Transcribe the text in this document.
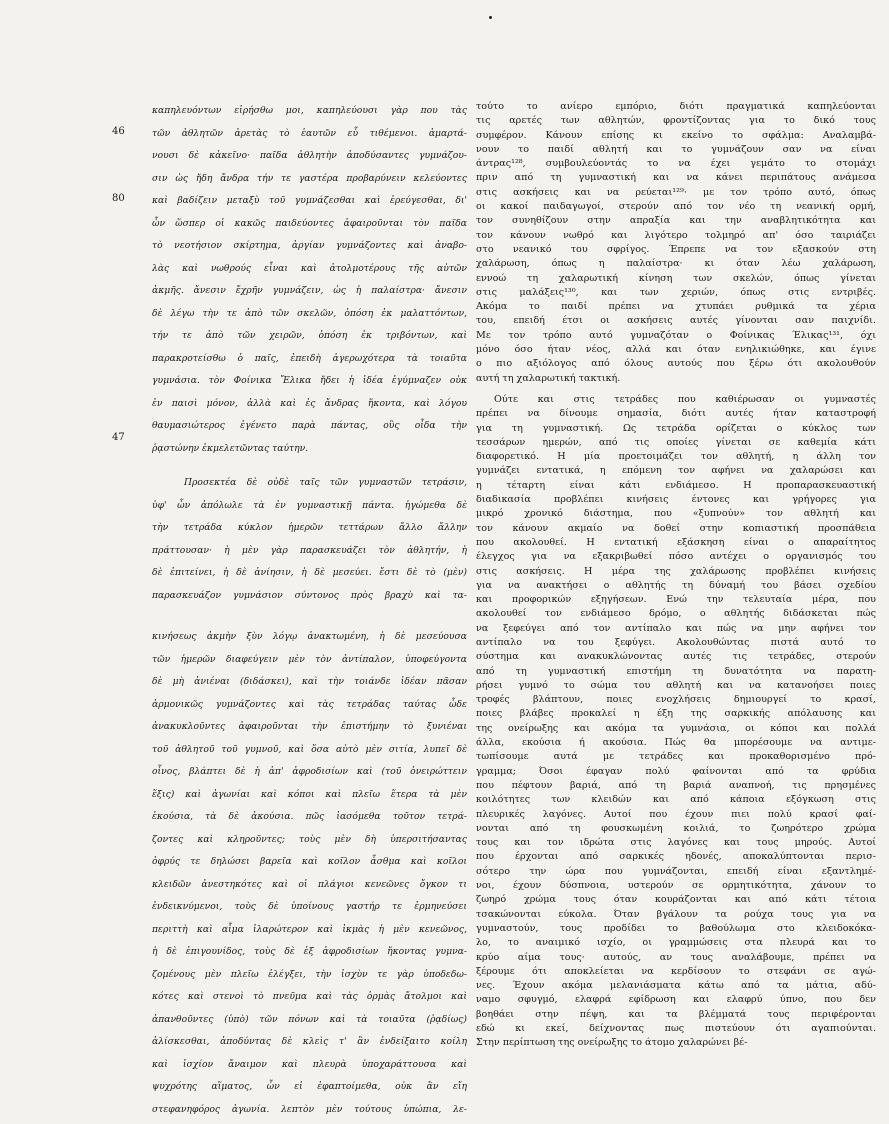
46
80
47
καπηλευόντων εἰρήσθω μοι, καπηλεύουσι γὰρ που τὰς
τῶν ἀθλητῶν ἀρετὰς τὸ ἑαυτῶν εὖ τιθέμενοι. ἁμαρτά-
νουσι δὲ κἀκεῖνο· παῖδα ἀθλητὴν ἀποδύσαντες γυμνάζου-
σιν ὡς ἤδη ἄνδρα τήν τε γαστέρα προβαρύνειν κελεύοντες
καὶ βαδίζειν μεταξὺ τοῦ γυμνάζεσθαι καὶ ἐρεύγεσθαι, δι'
ὧν ὥσπερ οἱ κακῶς παιδεύοντες ἀφαιροῦνται τὸν παῖδα
τὸ νεοτήσιον σκίρτημα, ἀργίαν γυμνάζοντες καὶ ἀναβο-
λὰς καὶ νωθρούς εἶναι καὶ ἀτολμοτέρους τῆς αὐτῶν
ἀκμῆς. ἄνεσιν ἔχρῆν γυμνάζειν, ὡς ἡ παλαίστρα· ἄνεσιν
δὲ λέγω τὴν τε ἀπὸ τῶν σκελῶν, ὁπόση ἐκ μαλαττόντων,
τήν τε ἀπὸ τῶν χειρῶν, ὁπόση ἐκ τριβόντων, καὶ
παρακροτείσθω ὁ παῖς, ἐπειδὴ ἀγερωχότερα τὰ τοιαῦτα
γυμνάσια. τὸν Φοίνικα Ἔλικα ἤδει ἡ ἰδέα ἐγύμναζεν οὐκ
ἐν παισὶ μόνον, ἀλλὰ καὶ ἐς ἄνδρας ἥκοντα, καὶ λόγου
θαυμασιώτερος ἐγένετο παρὰ πάντας, οὓς οἶδα τὴν
ῥᾳστώνην ἐκμελετῶντας ταύτην.
Προσεκτέα δὲ οὐδὲ ταῖς τῶν γυμναστῶν τετράσιν,
ὑφ' ὧν ἀπόλωλε τὰ ἐν γυμναστικῇ πάντα. ἡγώμεθα δὲ
τὴν τετράδα κύκλον ἡμερῶν τεττάρων ἄλλο ἄλλην
πράττουσαν· ἡ μὲν γὰρ παρασκευάζει τὸν ἀθλητήν, ἡ
δὲ ἐπιτείνει, ἡ δὲ ἀνίησιν, ἡ δὲ μεσεύει. ἔστι δὲ τὸ (μὲν)
παρασκευάζον γυμνάσιον σύντονος πρὸς βραχὺ καὶ τα-
κινήσεως ἀκμὴν ξὺν λόγῳ ἀνακτωμένη, ἡ δὲ μεσεύουσα
τῶν ἡμερῶν διαφεύγειν μὲν τὸν ἀντίπαλον, ὑποφεύγοντα
δὲ μὴ ἀνιέναι (διδάσκει), καὶ τὴν τοιάνδε ἰδέαν πᾶσαν
ἁρμονικῶς γυμνάζοντες καὶ τὰς τετράδας ταύτας ὧδε
ἀνακυκλοῦντες ἀφαιροῦνται τὴν ἐπιστήμην τὸ ξυνιέναι
τοῦ ἀθλητοῦ τοῦ γυμνοῦ, καὶ ὅσα αὐτὸ μὲν σιτία, λυπεῖ δὲ
οἶνος, βλάπτει δὲ ἡ ἀπ' ἀφροδισίων καὶ (τοῦ ὀνειρώττειν
ἕξις) καὶ ἀγωνίαι καὶ κόποι καὶ πλεῖω ἕτερα τὰ μὲν
ἑκούσια, τὰ δὲ ἀκούσια. πῶς ἰασόμεθα τοῦτον τετρά-
ζοντες καὶ κληροῦντες; τοὺς μὲν δὴ ὑπερσιτήσαντας
ὀφρύς τε δηλώσει βαρεῖα καὶ κοῖλον ἆσθμα καὶ κοῖλοι
κλειδῶν ἀνεστηκότες καὶ οἱ πλάγιοι κενεῶνες ὄγκον τι
ἐνδεικνύμενοι, τοὺς δὲ ὑποίνους γαστήρ τε ἐρμηνεύσει
περιττὴ καὶ αἷμα ἱλαρώτερον καὶ ἰκμὰς ἡ μὲν κενεῶνος,
ἡ δὲ ἐπιγουνίδος, τοὺς δὲ ἐξ ἀφροδισίων ἥκοντας γυμνα-
ζομένους μὲν πλεῖω ἐλέγξει, τὴν ἰσχὺν τε γὰρ ὑποδεδω-
κότες καὶ στενοὶ τὸ πνεῦμα καὶ τὰς ὁρμὰς ἄτολμοι καὶ
ἀπανθοῦντες (ὑπὸ) τῶν πόνων καὶ τὰ τοιαῦτα (ῥᾳδίως)
ἁλίσκεσθαι, ἀποδύντας δὲ κλεὶς τ' ἂν ἐνδείξαιτο κοίλη
καὶ ἰσχίον ἄναιμον καὶ πλευρὰ ὑποχαράττουσα καὶ
ψυχρότης αἵματος, ὧν εἰ ἐφαπτοίμεθα, οὐκ ἂν εἴη
στεφανηφόρος ἀγωνία. λεπτὸν μὲν τούτους ὑπώπια, λε-
τούτο το ανίερο εμπόριο, διότι πραγματικά καπηλεύονται
τις αρετές των αθλητών, φροντίζοντας για το δικό τους
συμφέρον. Κάνουν επίσης κι εκείνο το σφάλμα: Αναλαμβά-
νουν το παιδί αθλητή και το γυμνάζουν σαν να είναι
άντρας¹²⁸, συμβουλεύοντάς το να έχει γεμάτο το στομάχι
πριν από τη γυμναστική και να κάνει περιπάτους ανάμεσα
στις ασκήσεις και να ρεύεται¹²⁹· με τον τρόπο αυτό, όπως
οι κακοί παιδαγωγοί, στερούν από τον νέο τη νεανική ορμή,
τον συνηθίζουν στην απραξία και την αναβλητικότητα και
τον κάνουν νωθρό και λιγότερο τολμηρό απ' όσο ταιριάζει
στο νεανικό του σφρίγος. Έπρεπε να τον εξασκούν στη
χαλάρωση, όπως η παλαίστρα· κι όταν λέω χαλάρωση,
εννοώ τη χαλαρωτική κίνηση των σκελών, όπως γίνεται
στις μαλάξεις¹³⁰, και των χεριών, όπως στις εντριβές.
Ακόμα το παιδί πρέπει να χτυπάει ρυθμικά τα χέρια
του, επειδή έτσι οι ασκήσεις αυτές γίνονται σαν παιχνίδι.
Με τον τρόπο αυτό γυμναζόταν ο Φοίνικας Έλικας¹³¹, όχι
μόνο όσο ήταν νέος, αλλά και όταν ενηλικιώθηκε, και έγινε
ο πιο αξιόλογος από όλους αυτούς που ξέρω ότι ακολουθούν
αυτή τη χαλαρωτική τακτική.
Ούτε και στις τετράδες που καθιέρωσαν οι γυμναστές
πρέπει να δίνουμε σημασία, διότι αυτές ήταν καταστροφή
για τη γυμναστική. Ως τετράδα ορίζεται ο κύκλος των
τεσσάρων ημερών, από τις οποίες γίνεται σε καθεμία κάτι
διαφορετικό. Η μία προετοιμάζει τον αθλητή, η άλλη τον
γυμνάζει εντατικά, η επόμενη τον αφήνει να χαλαρώσει και
η τέταρτη είναι κάτι ενδιάμεσο. Η προπαρασκευαστική
διαδικασία προβλέπει κινήσεις έντονες και γρήγορες για
μικρό χρονικό διάστημα, που «ξυπνούν» τον αθλητή και
τον κάνουν ακμαίο να δοθεί στην κοπιαστική προσπάθεια
που ακολουθεί. Η εντατική εξάσκηση είναι ο απαραίτητος
έλεγχος για να εξακριβωθεί πόσο αντέχει ο οργανισμός του
στις ασκήσεις. Η μέρα της χαλάρωσης προβλέπει κινήσεις
για να ανακτήσει ο αθλητής τη δύναμή του βάσει σχεδίου
και προφορικών εξηγήσεων. Ενώ την τελευταία μέρα, που
ακολουθεί τον ενδιάμεσο δρόμο, ο αθλητής διδάσκεται πώς
να ξεφεύγει από τον αντίπαλο και πώς να μην αφήνει τον
αντίπαλο να του ξεφύγει. Ακολουθώντας πιστά αυτό το
σύστημα και ανακυκλώνοντας αυτές τις τετράδες, στερούν
από τη γυμναστική επιστήμη τη δυνατότητα να παρατη-
ρήσει γυμνό το σώμα του αθλητή και να κατανοήσει ποιες
τροφές βλάπτουν, ποιες ενοχλήσεις δημιουργεί το κρασί,
ποιες βλάβες προκαλεί η έξη της σαρκικής απόλαυσης και
της ονείρωξης και ακόμα τα γυμνάσια, οι κόποι και πολλά
άλλα, εκούσια ή ακούσια. Πώς θα μπορέσουμε να αντιμε-
τωπίσουμε αυτά με τετράδες και προκαθορισμένο πρό-
γραμμα; Όσοι έφαγαν πολύ φαίνονται από τα φρύδια
που πέφτουν βαριά, από τη βαριά αναπνοή, τις πρησμένες
κοιλότητες των κλειδών και από κάποια εξόγκωση στις
πλευρικές λαγόνες. Αυτοί που έχουν πιει πολύ κρασί φαί-
νονται από τη φουσκωμένη κοιλιά, το ζωηρότερο χρώμα
τους και τον ιδρώτα στις λαγόνες και τους μηρούς. Αυτοί
που έρχονται από σαρκικές ηδονές, αποκαλύπτονται περισ-
σότερο την ώρα που γυμνάζονται, επειδή είναι εξαντλημέ-
νοι, έχουν δύσπνοια, υστερούν σε ορμητικότητα, χάνουν το
ζωηρό χρώμα τους όταν κουράζονται και από κάτι τέτοια
τσακώνονται εύκολα. Όταν βγάλουν τα ρούχα τους για να
γυμναστούν, τους προδίδει το βαθούλωμα στο κλειδοκόκα-
λο, το αναιμικό ισχίο, οι γραμμώσεις στα πλευρά και το
κρύο αίμα τους· αυτούς, αν τους αναλάβουμε, πρέπει να
ξέρουμε ότι αποκλείεται να κερδίσουν το στεφάνι σε αγώ-
νες. Έχουν ακόμα μελανιάσματα κάτω από τα μάτια, αδύ-
ναμο σφυγμό, ελαφρά εφίδρωση και ελαφρύ ύπνο, που δεν
βοηθάει στην πέψη, και τα βλέμματά τους περιφέρονται
εδώ κι εκεί, δείχνοντας πως πιστεύουν ότι αγαπιούνται.
Στην περίπτωση της ονείρωξης το άτομο χαλαρώνει βέ-
